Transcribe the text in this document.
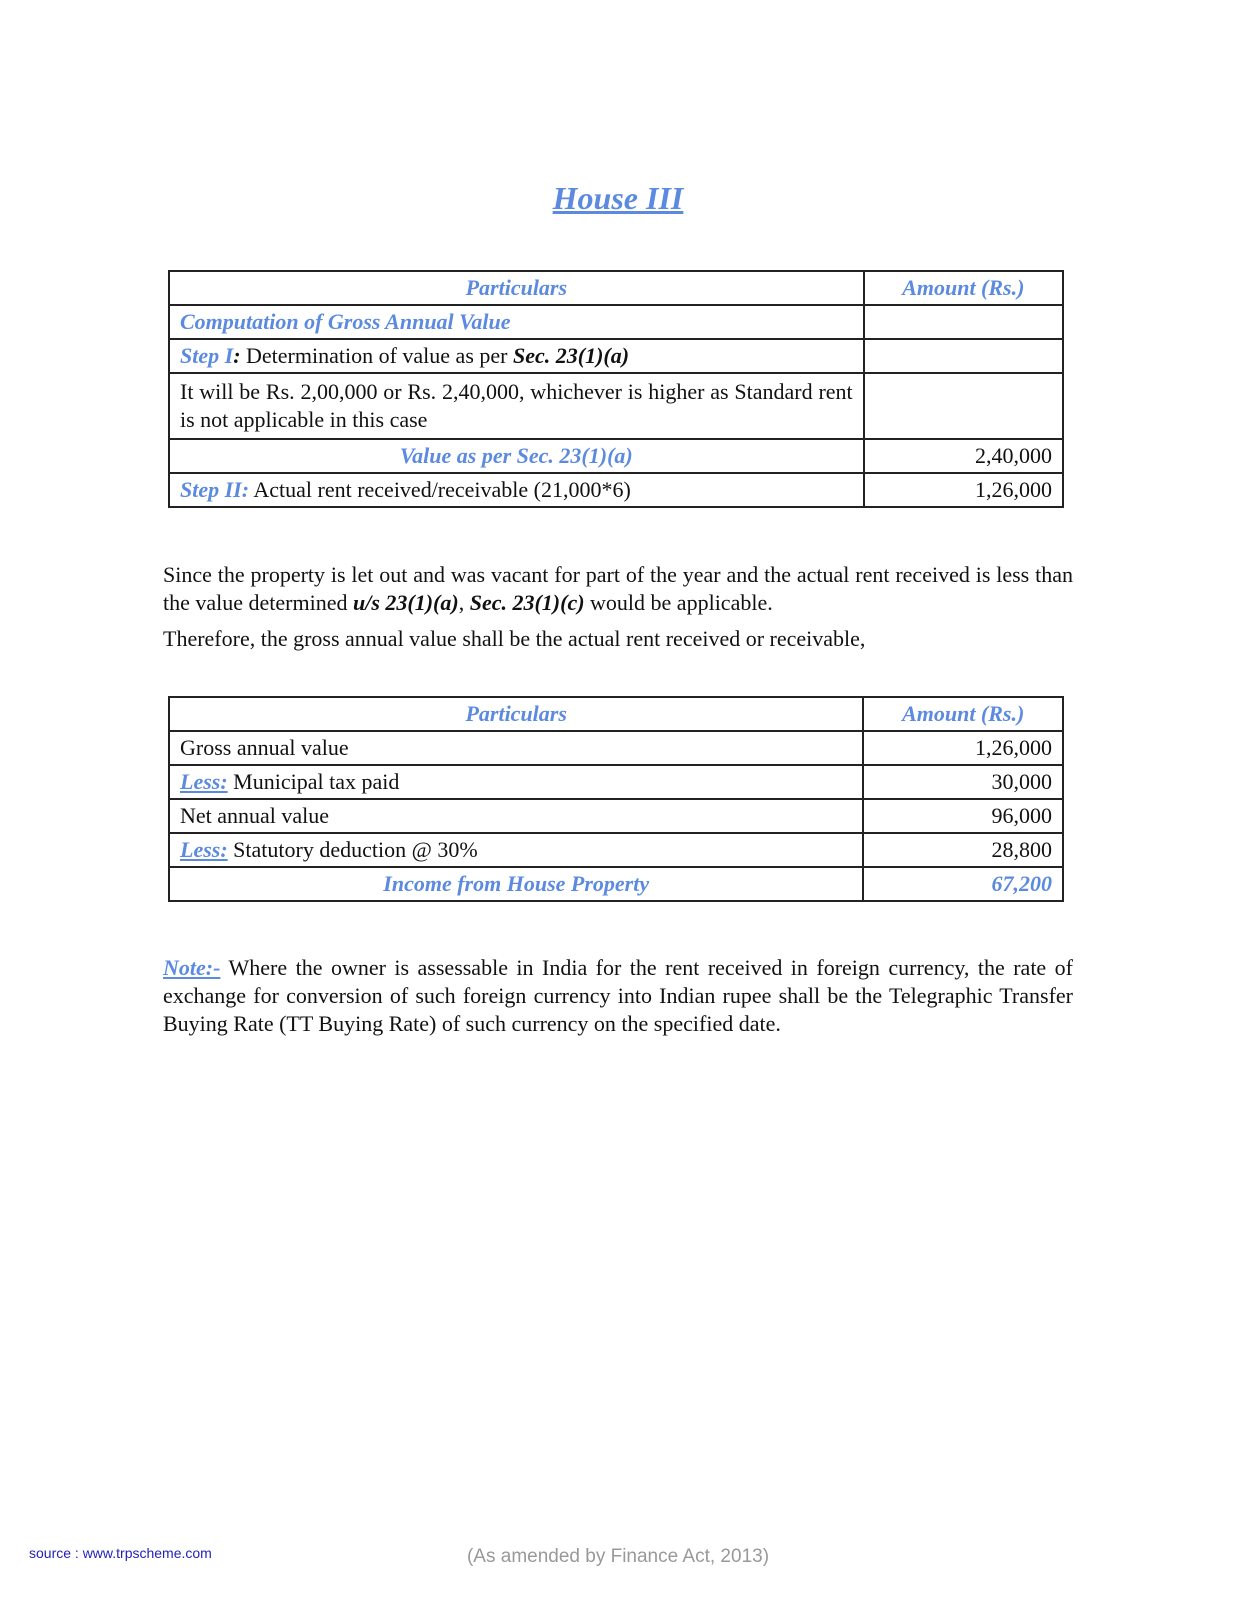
House III
Particulars	Amount (Rs.)
Computation of Gross Annual Value	
Step I: Determination of value as per Sec. 23(1)(a)	
It will be Rs. 2,00,000 or Rs. 2,40,000, whichever is higher as Standard rent is not applicable in this case	
Value as per Sec. 23(1)(a)	2,40,000
Step II: Actual rent received/receivable (21,000*6)	1,26,000

Since the property is let out and was vacant for part of the year and the actual rent received is less than the value determined u/s 23(1)(a), Sec. 23(1)(c) would be applicable.

Therefore, the gross annual value shall be the actual rent received or receivable,

Particulars	Amount (Rs.)
Gross annual value	1,26,000
Less: Municipal tax paid	30,000
Net annual value	96,000
Less: Statutory deduction @ 30%	28,800
Income from House Property	67,200

Note:- Where the owner is assessable in India for the rent received in foreign currency, the rate of exchange for conversion of such foreign currency into Indian rupee shall be the Telegraphic Transfer Buying Rate (TT Buying Rate) of such currency on the specified date.

source : www.trpscheme.com	(As amended by Finance Act, 2013)
